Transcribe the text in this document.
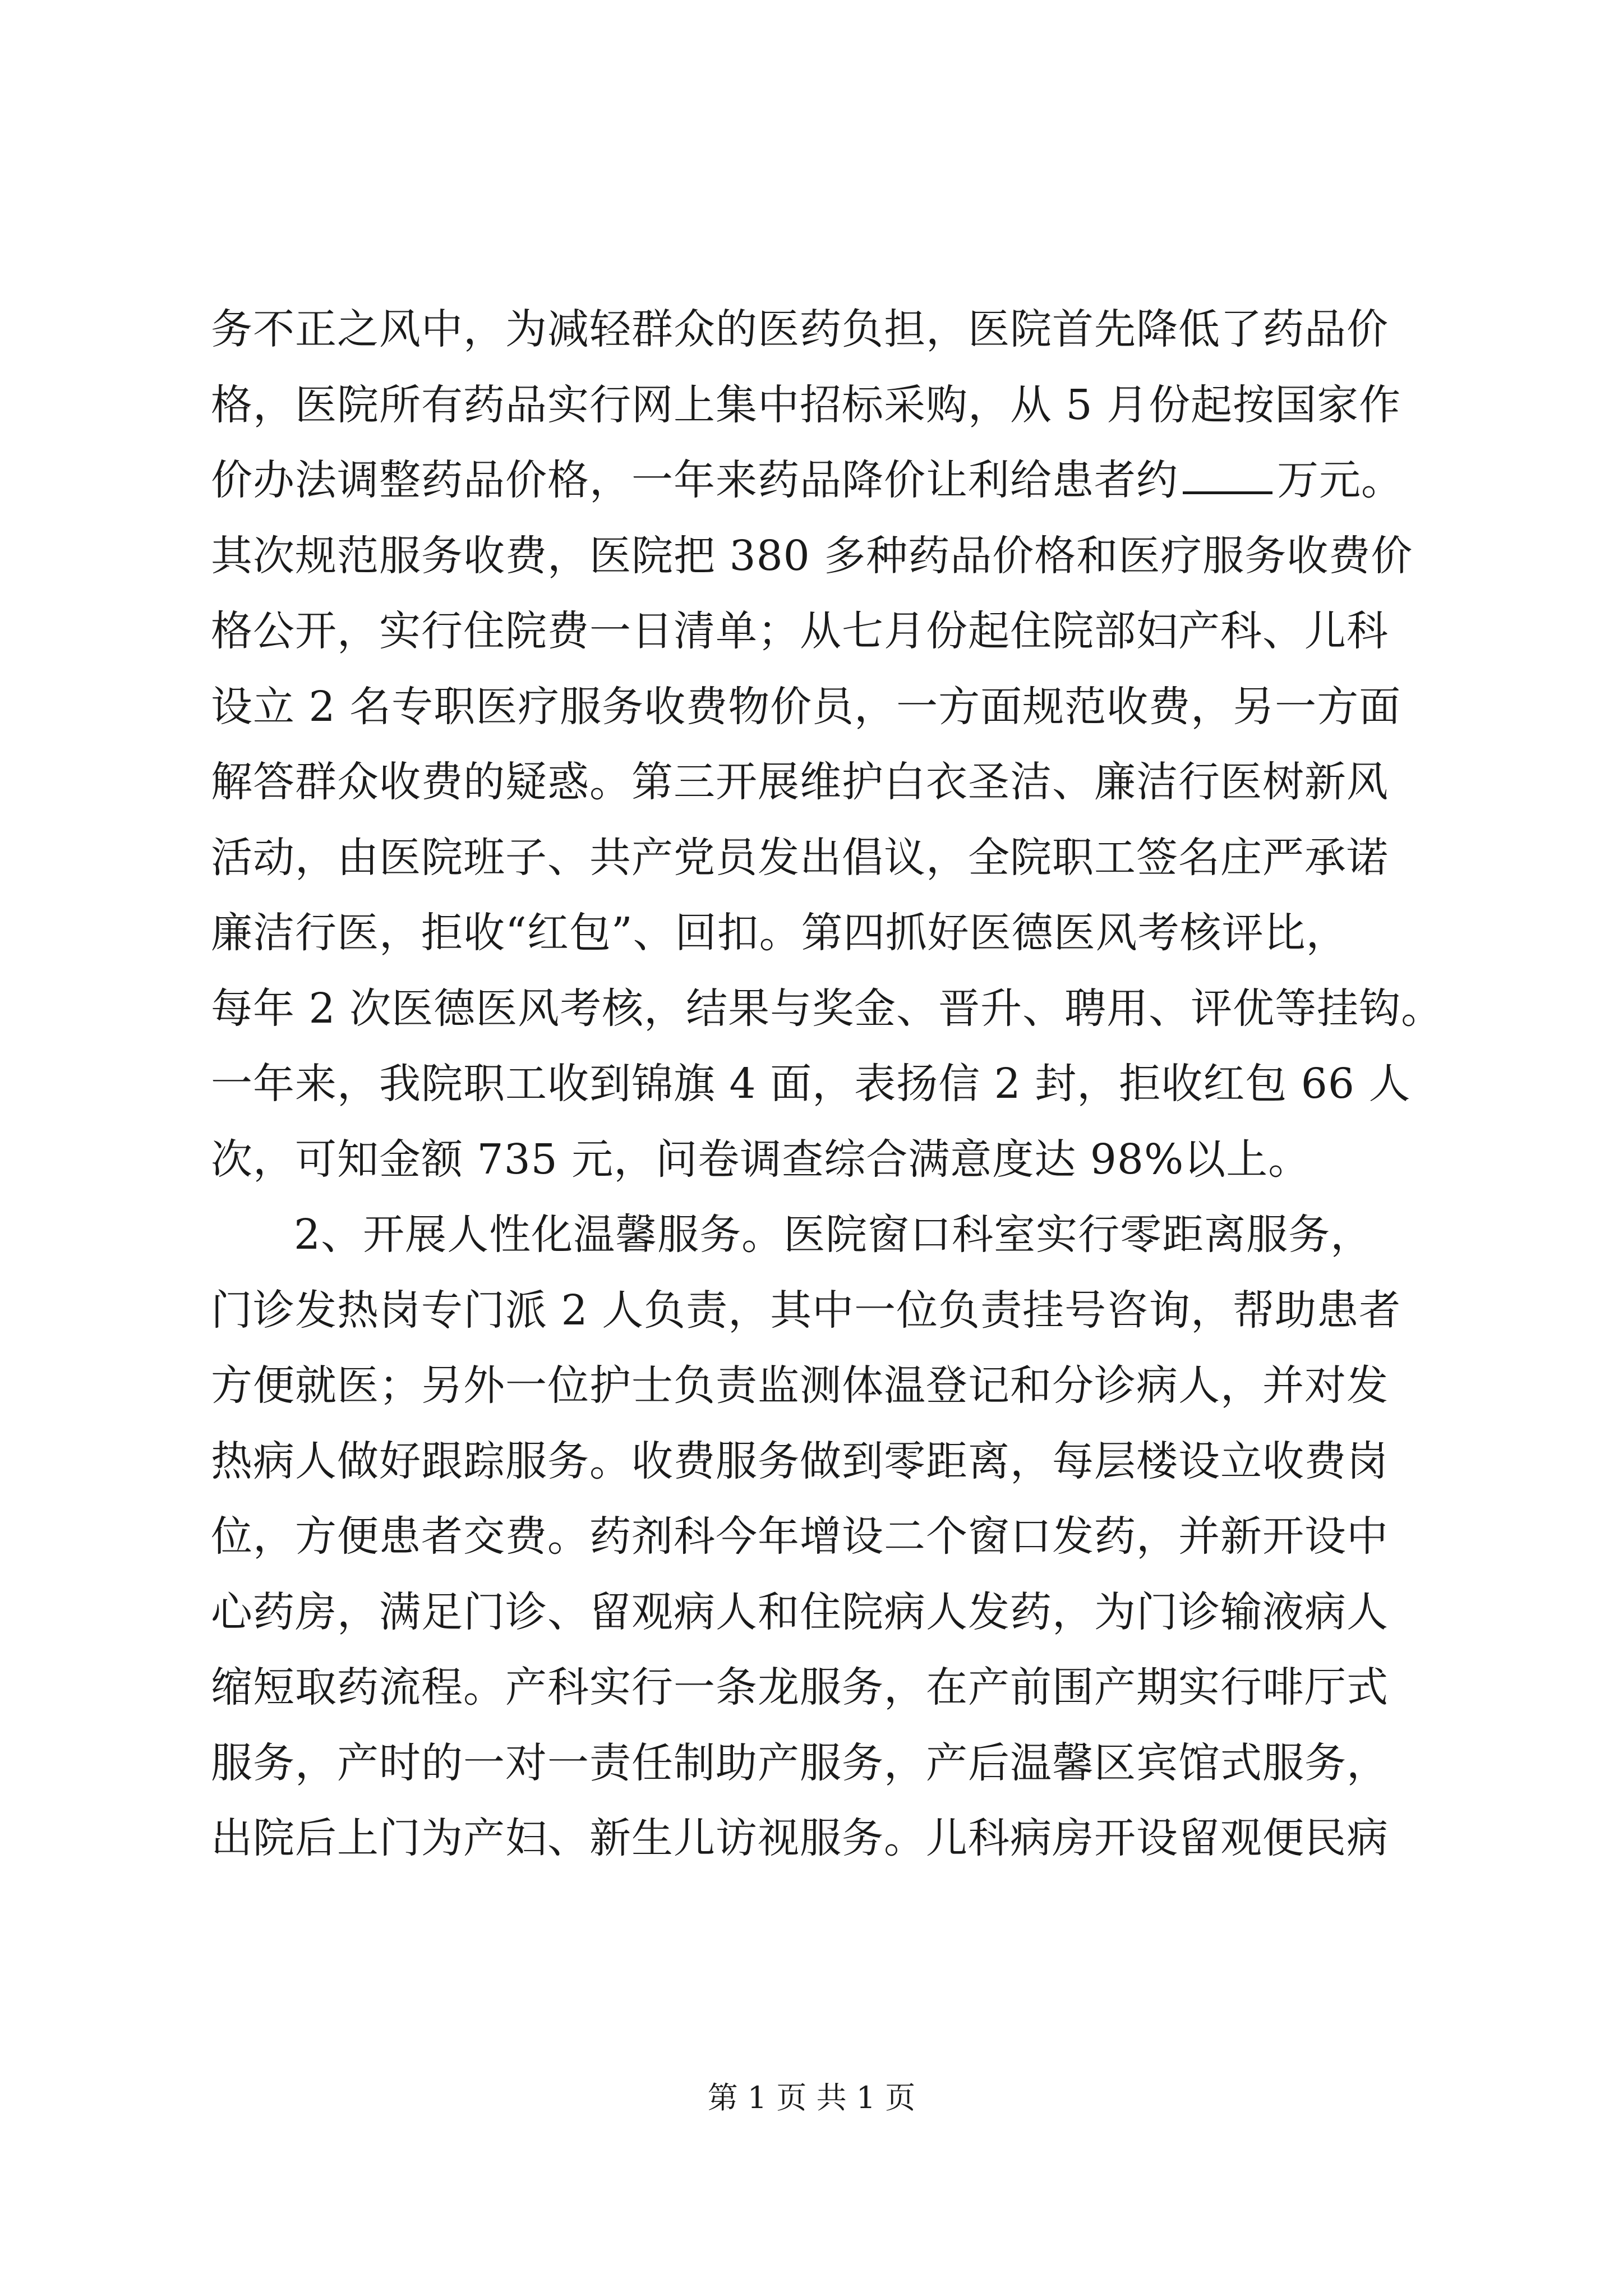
务不正之风中，为减轻群众的医药负担，医院首先降低了药品价
格，医院所有药品实行网上集中招标采购，从 5 月份起按国家作
价办法调整药品价格，一年来药品降价让利给患者约 万元。
其次规范服务收费，医院把 380 多种药品价格和医疗服务收费价
格公开，实行住院费一日清单；从七月份起住院部妇产科、儿科
设立 2 名专职医疗服务收费物价员，一方面规范收费，另一方面
解答群众收费的疑惑。第三开展维护白衣圣洁、廉洁行医树新风
活动，由医院班子、共产党员发出倡议，全院职工签名庄严承诺
廉洁行医，拒收“红包”、回扣。第四抓好医德医风考核评比，
每年 2 次医德医风考核，结果与奖金、晋升、聘用、评优等挂钩。
一年来，我院职工收到锦旗 4 面，表扬信 2 封，拒收红包 66 人
次，可知金额 735 元，问卷调查综合满意度达 98%以上。
2、开展人性化温馨服务。医院窗口科室实行零距离服务，
门诊发热岗专门派 2 人负责，其中一位负责挂号咨询，帮助患者
方便就医；另外一位护士负责监测体温登记和分诊病人，并对发
热病人做好跟踪服务。收费服务做到零距离，每层楼设立收费岗
位，方便患者交费。药剂科今年增设二个窗口发药，并新开设中
心药房，满足门诊、留观病人和住院病人发药，为门诊输液病人
缩短取药流程。产科实行一条龙服务，在产前围产期实行啡厅式
服务，产时的一对一责任制助产服务，产后温馨区宾馆式服务，
出院后上门为产妇、新生儿访视服务。儿科病房开设留观便民病
第 1 页 共 1 页
